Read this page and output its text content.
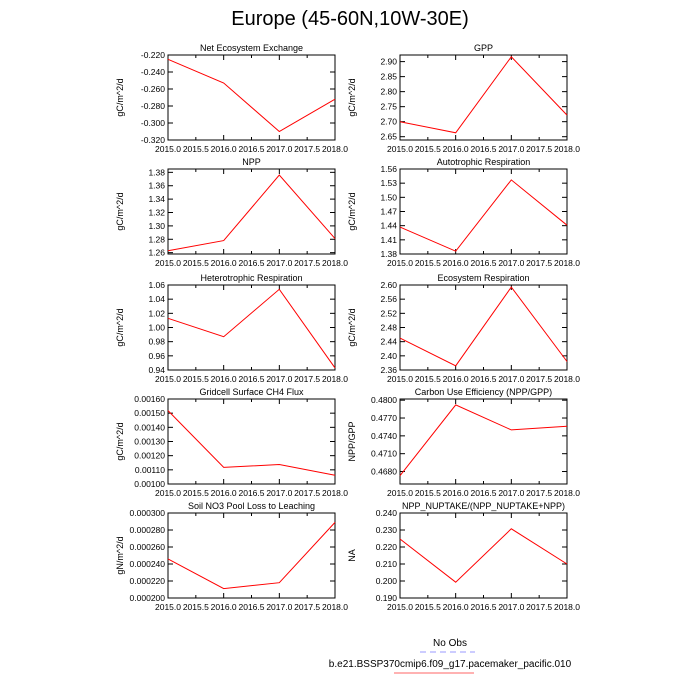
Europe (45-60N,10W-30E)
Net Ecosystem Exchange
gC/m^2/d
2015.0 2015.5 2016.0 2016.5 2017.0 2017.5 2018.0
-0.220
-0.240
-0.260
-0.280
-0.300
-0.320
GPP
gC/m^2/d
2015.0 2015.5 2016.0 2016.5 2017.0 2017.5 2018.0
2.90
2.85
2.80
2.75
2.70
2.65
NPP
gC/m^2/d
2015.0 2015.5 2016.0 2016.5 2017.0 2017.5 2018.0
1.38
1.36
1.34
1.32
1.30
1.28
1.26
Autotrophic Respiration
gC/m^2/d
2015.0 2015.5 2016.0 2016.5 2017.0 2017.5 2018.0
1.56
1.53
1.50
1.47
1.44
1.41
1.38
Heterotrophic Respiration
gC/m^2/d
2015.0 2015.5 2016.0 2016.5 2017.0 2017.5 2018.0
1.06
1.04
1.02
1.00
0.98
0.96
0.94
Ecosystem Respiration
gC/m^2/d
2015.0 2015.5 2016.0 2016.5 2017.0 2017.5 2018.0
2.60
2.56
2.52
2.48
2.44
2.40
2.36
Gridcell Surface CH4 Flux
gC/m^2/d
2015.0 2015.5 2016.0 2016.5 2017.0 2017.5 2018.0
0.00160
0.00150
0.00140
0.00130
0.00120
0.00110
0.00100
Carbon Use Efficiency (NPP/GPP)
NPP/GPP
2015.0 2015.5 2016.0 2016.5 2017.0 2017.5 2018.0
0.4800
0.4770
0.4740
0.4710
0.4680
Soil NO3 Pool Loss to Leaching
gN/m^2/d
2015.0 2015.5 2016.0 2016.5 2017.0 2017.5 2018.0
0.000300
0.000280
0.000260
0.000240
0.000220
0.000200
NPP_NUPTAKE/(NPP_NUPTAKE+NPP)
NA
2015.0 2015.5 2016.0 2016.5 2017.0 2017.5 2018.0
0.240
0.230
0.220
0.210
0.200
0.190
No Obs
b.e21.BSSP370cmip6.f09_g17.pacemaker_pacific.010
